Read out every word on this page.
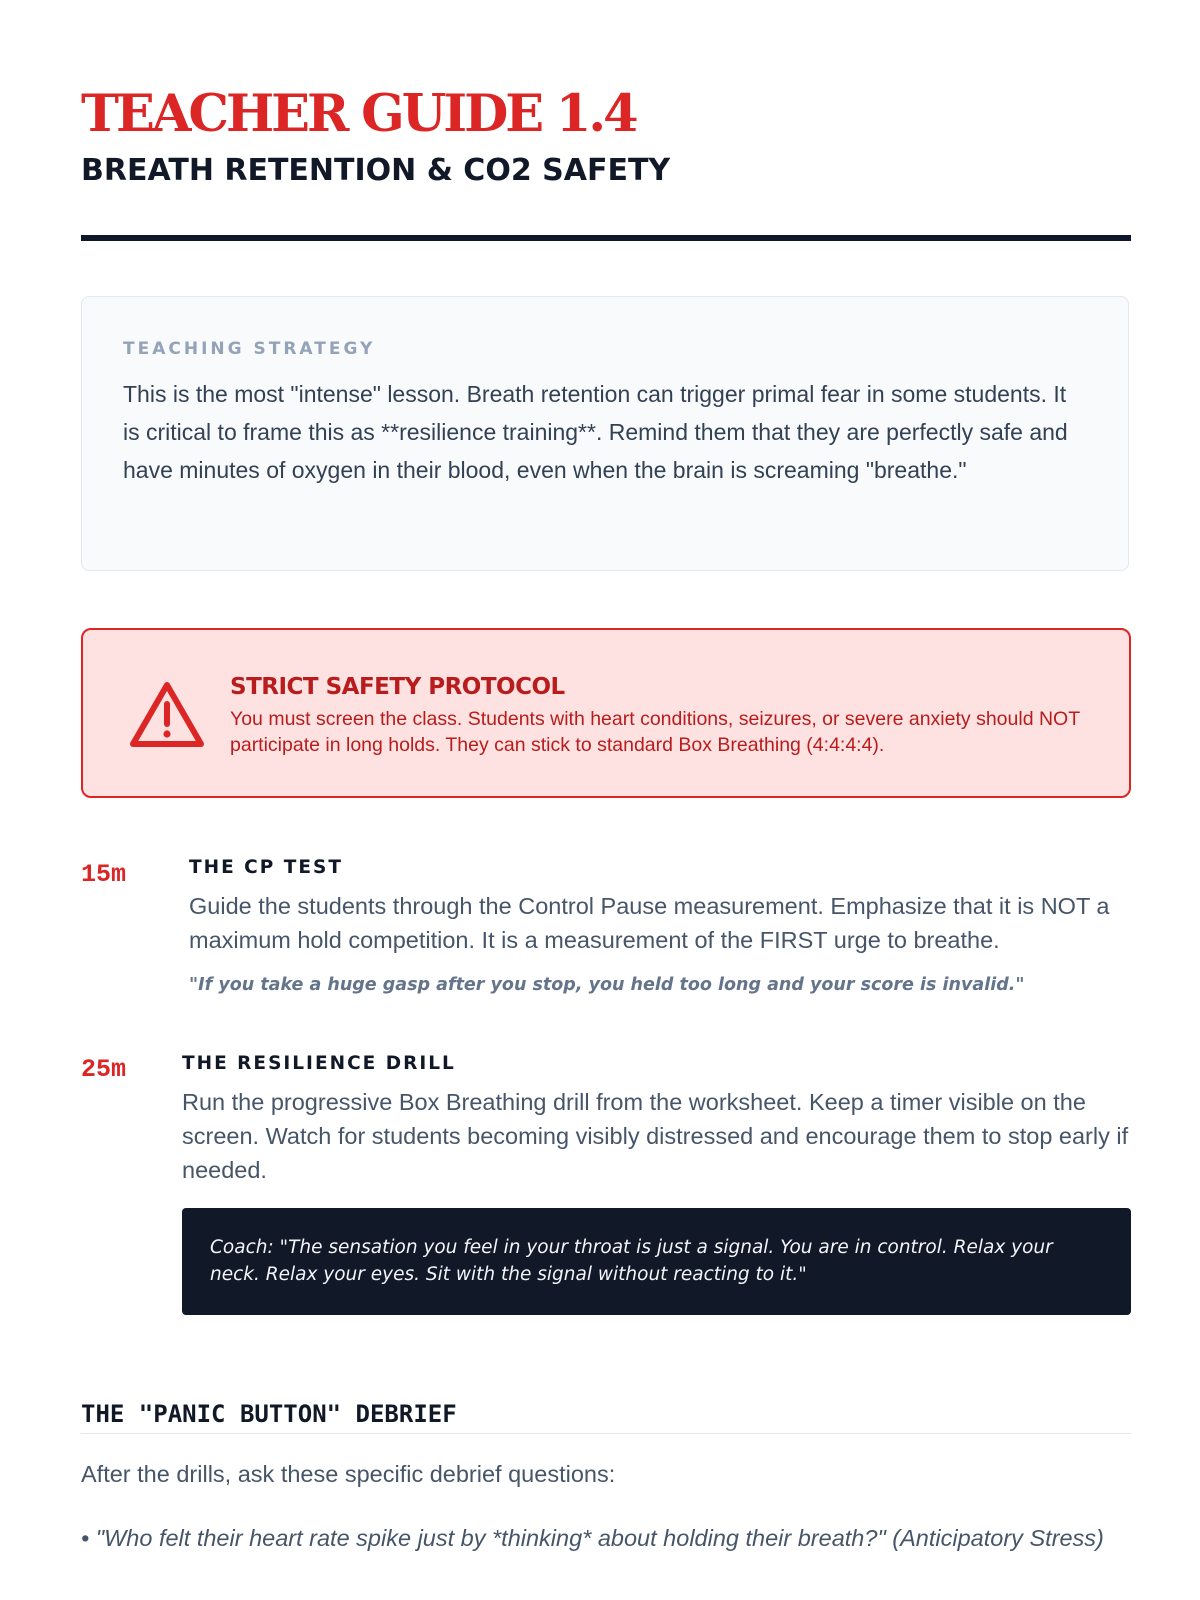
TEACHER GUIDE 1.4
BREATH RETENTION & CO2 SAFETY

TEACHING STRATEGY

This is the most "intense" lesson. Breath retention can trigger primal fear in some students. It is critical to frame this as **resilience training**. Remind them that they are perfectly safe and have minutes of oxygen in their blood, even when the brain is screaming "breathe."

STRICT SAFETY PROTOCOL

You must screen the class. Students with heart conditions, seizures, or severe anxiety should NOT participate in long holds. They can stick to standard Box Breathing (4:4:4:4).

15m	THE CP TEST

Guide the students through the Control Pause measurement. Emphasize that it is NOT a maximum hold competition. It is a measurement of the FIRST urge to breathe.

"If you take a huge gasp after you stop, you held too long and your score is invalid."

25m	THE RESILIENCE DRILL

Run the progressive Box Breathing drill from the worksheet. Keep a timer visible on the screen. Watch for students becoming visibly distressed and encourage them to stop early if needed.

Coach: "The sensation you feel in your throat is just a signal. You are in control. Relax your neck. Relax your eyes. Sit with the signal without reacting to it."

THE "PANIC BUTTON" DEBRIEF

After the drills, ask these specific debrief questions:

• "Who felt their heart rate spike just by *thinking* about holding their breath?" (Anticipatory Stress)
